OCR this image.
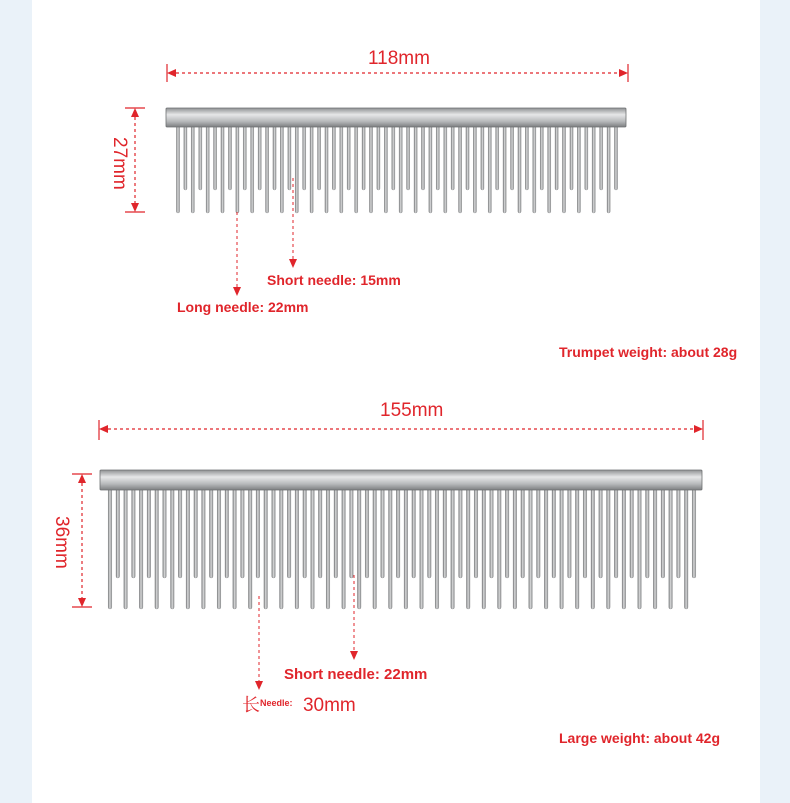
118mm
27mm
Short needle: 15mm
Long needle: 22mm
Trumpet weight: about 28g
155mm
36mm
Short needle: 22mm
长$^{Needle:}$ 30mm
Large weight: about 42g
